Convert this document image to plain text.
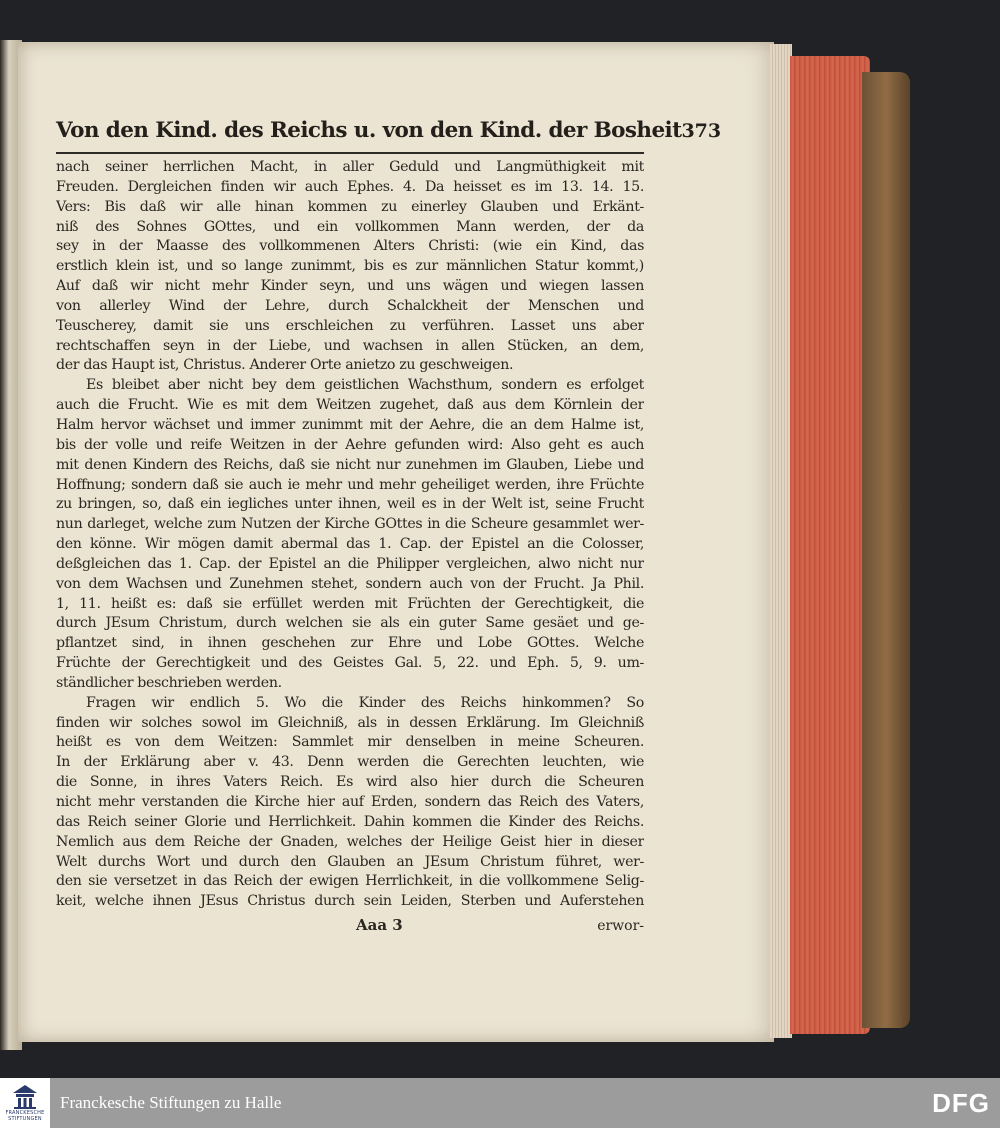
Von den Kind. des Reichs u. von den Kind. der Bosheit 373
nach seiner herrlichen Macht, in aller Geduld und Langmüthigkeit mit
Freuden. Dergleichen finden wir auch Ephes. 4. Da heisset es im 13. 14. 15.
Vers: Bis daß wir alle hinan kommen zu einerley Glauben und Erkänt-
niß des Sohnes GOttes, und ein vollkommen Mann werden, der da
sey in der Maasse des vollkommenen Alters Christi: (wie ein Kind, das
erstlich klein ist, und so lange zunimmt, bis es zur männlichen Statur kommt,)
Auf daß wir nicht mehr Kinder seyn, und uns wägen und wiegen lassen
von allerley Wind der Lehre, durch Schalckheit der Menschen und
Teuscherey, damit sie uns erschleichen zu verführen. Lasset uns aber
rechtschaffen seyn in der Liebe, und wachsen in allen Stücken, an dem,
der das Haupt ist, Christus. Anderer Orte anietzo zu geschweigen.
Es bleibet aber nicht bey dem geistlichen Wachsthum, sondern es erfolget
auch die Frucht. Wie es mit dem Weitzen zugehet, daß aus dem Körnlein der
Halm hervor wächset und immer zunimmt mit der Aehre, die an dem Halme ist,
bis der volle und reife Weitzen in der Aehre gefunden wird: Also geht es auch
mit denen Kindern des Reichs, daß sie nicht nur zunehmen im Glauben, Liebe und
Hoffnung; sondern daß sie auch ie mehr und mehr geheiliget werden, ihre Früchte
zu bringen, so, daß ein iegliches unter ihnen, weil es in der Welt ist, seine Frucht
nun darleget, welche zum Nutzen der Kirche GOttes in die Scheure gesammlet wer-
den könne. Wir mögen damit abermal das 1. Cap. der Epistel an die Colosser,
deßgleichen das 1. Cap. der Epistel an die Philipper vergleichen, alwo nicht nur
von dem Wachsen und Zunehmen stehet, sondern auch von der Frucht. Ja Phil.
1, 11. heißt es: daß sie erfüllet werden mit Früchten der Gerechtigkeit, die
durch JEsum Christum, durch welchen sie als ein guter Same gesäet und ge-
pflantzet sind, in ihnen geschehen zur Ehre und Lobe GOttes. Welche
Früchte der Gerechtigkeit und des Geistes Gal. 5, 22. und Eph. 5, 9. um-
ständlicher beschrieben werden.
Fragen wir endlich 5. Wo die Kinder des Reichs hinkommen? So
finden wir solches sowol im Gleichniß, als in dessen Erklärung. Im Gleichniß
heißt es von dem Weitzen: Sammlet mir denselben in meine Scheuren.
In der Erklärung aber v. 43. Denn werden die Gerechten leuchten, wie
die Sonne, in ihres Vaters Reich. Es wird also hier durch die Scheuren
nicht mehr verstanden die Kirche hier auf Erden, sondern das Reich des Vaters,
das Reich seiner Glorie und Herrlichkeit. Dahin kommen die Kinder des Reichs.
Nemlich aus dem Reiche der Gnaden, welches der Heilige Geist hier in dieser
Welt durchs Wort und durch den Glauben an JEsum Christum führet, wer-
den sie versetzet in das Reich der ewigen Herrlichkeit, in die vollkommene Selig-
keit, welche ihnen JEsus Christus durch sein Leiden, Sterben und Auferstehen
Aaa 3	erwor-
FRANCKESCHE
STIFTUNGEN
Franckesche Stiftungen zu Halle	DFG
